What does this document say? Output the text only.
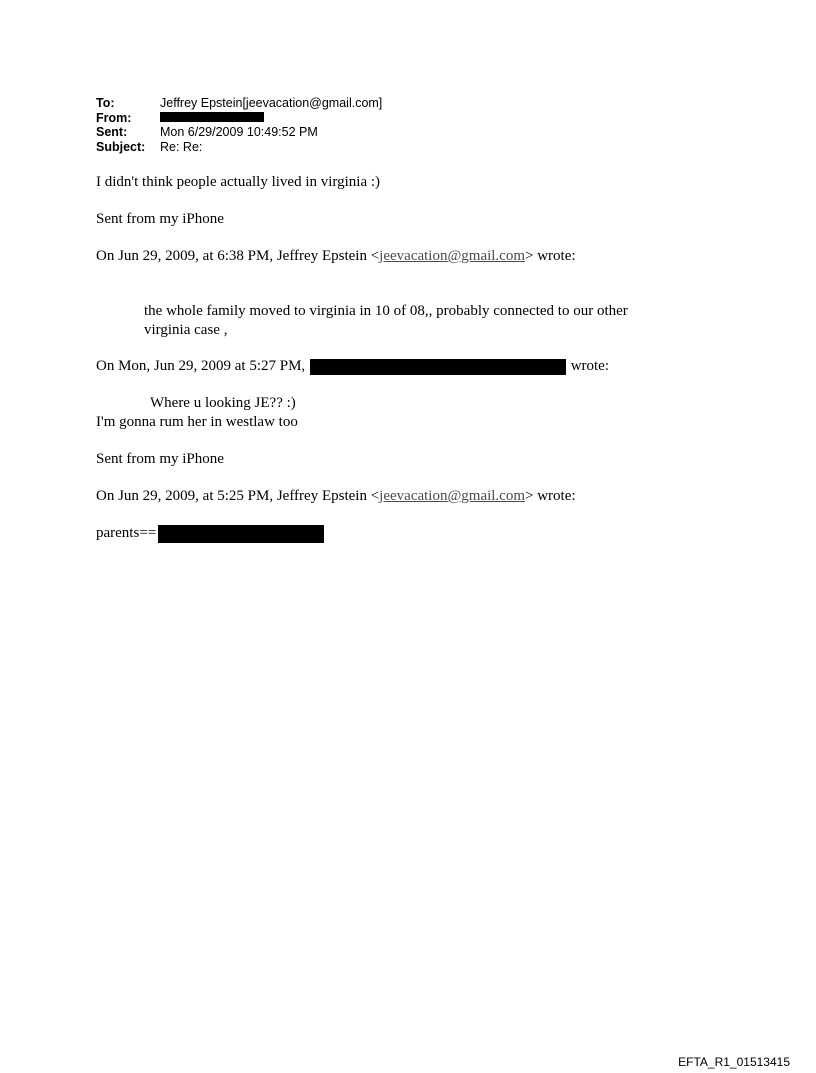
To:	Jeffrey Epstein[jeevacation@gmail.com]
From:
Sent:	Mon 6/29/2009 10:49:52 PM
Subject:	Re: Re:
I didn't think people actually lived in virginia :)
Sent from my iPhone
On Jun 29, 2009, at 6:38 PM, Jeffrey Epstein <jeevacation@gmail.com> wrote:
the whole family moved to virginia in 10 of 08,, probably connected to our other
virginia case ,
On Mon, Jun 29, 2009 at 5:27 PM,	wrote:
Where u looking JE?? :)
I'm gonna rum her in westlaw too
Sent from my iPhone
On Jun 29, 2009, at 5:25 PM, Jeffrey Epstein <jeevacation@gmail.com> wrote:
parents==
EFTA_R1_01513415
